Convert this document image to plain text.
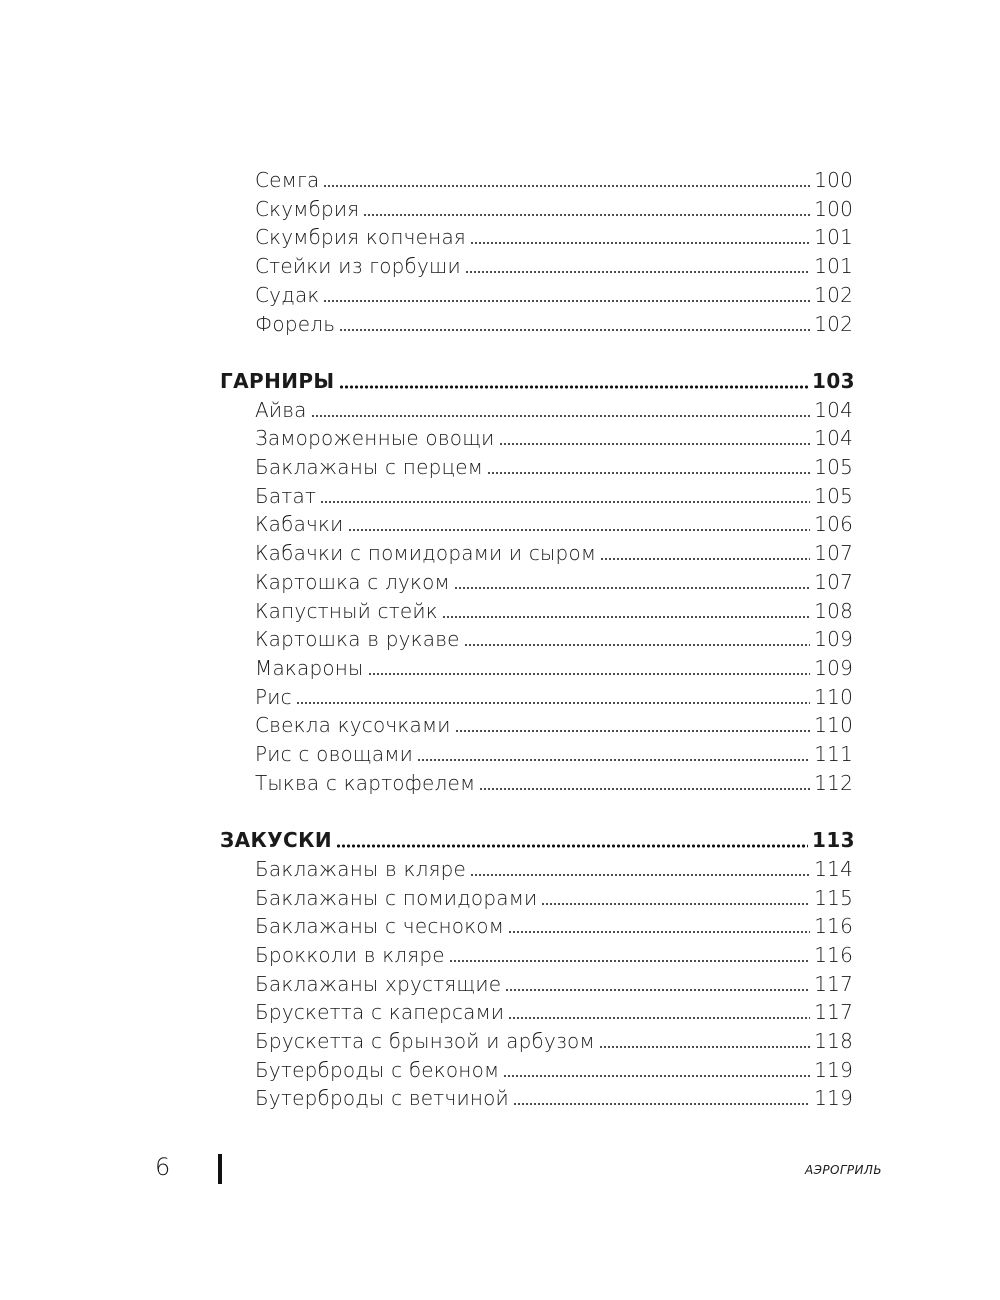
Семга	100
Скумбрия	100
Скумбрия копченая	101
Стейки из горбуши	101
Судак	102
Форель	102
ГАРНИРЫ	103
Айва	104
Замороженные овощи	104
Баклажаны с перцем	105
Батат	105
Кабачки	106
Кабачки с помидорами и сыром	107
Картошка с луком	107
Капустный стейк	108
Картошка в рукаве	109
Макароны	109
Рис	110
Свекла кусочками	110
Рис с овощами	111
Тыква с картофелем	112
ЗАКУСКИ	113
Баклажаны в кляре	114
Баклажаны с помидорами	115
Баклажаны с чесноком	116
Брокколи в кляре	116
Баклажаны хрустящие	117
Брускетта с каперсами	117
Брускетта с брынзой и арбузом	118
Бутерброды с беконом	119
Бутерброды с ветчиной	119
6	АЭРОГРИЛЬ
